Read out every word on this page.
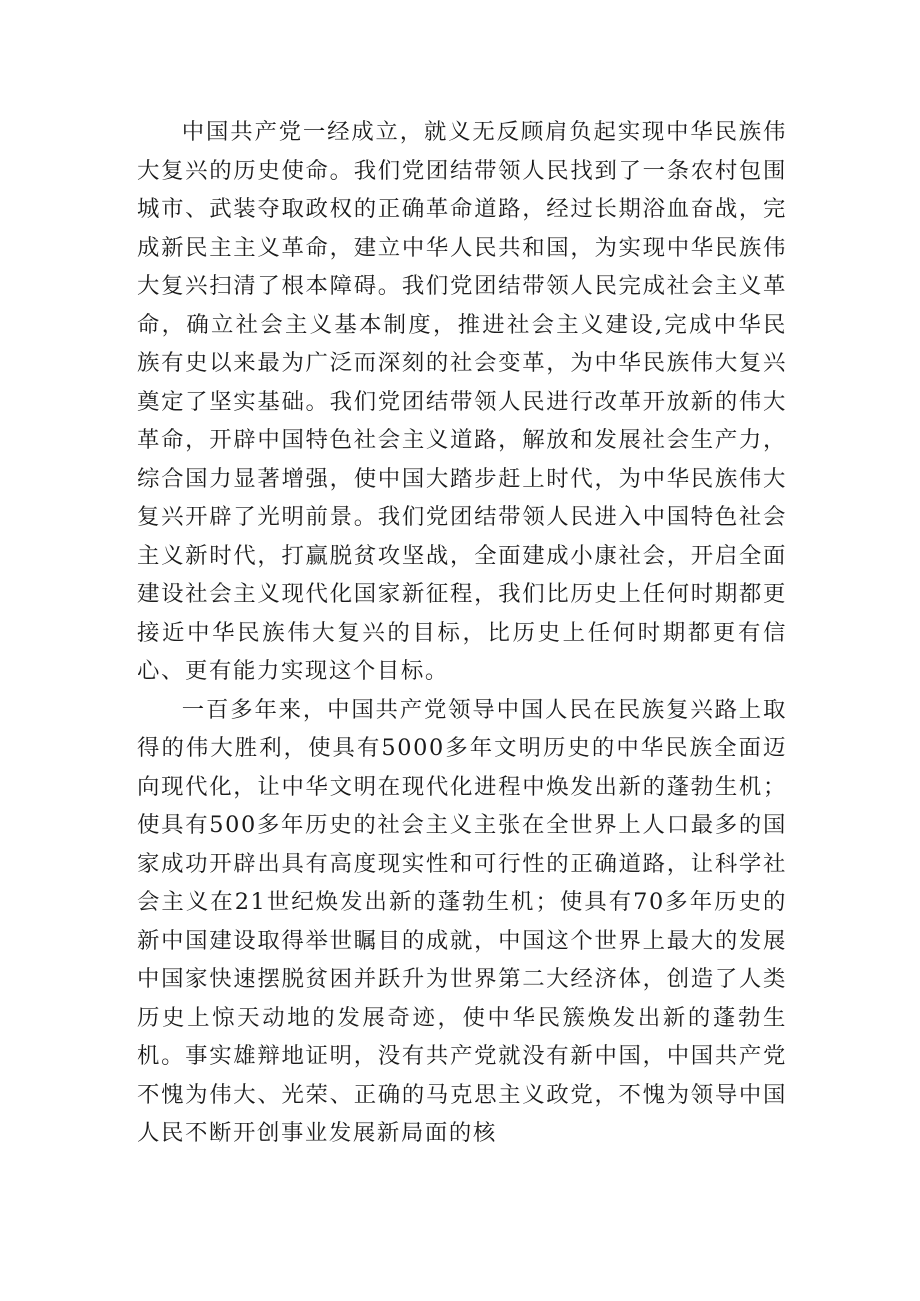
中国共产党一经成立，就义无反顾肩负起实现中华民族伟大复兴的历史使命。我们党团结带领人民找到了一条农村包围城市、武装夺取政权的正确革命道路，经过长期浴血奋战，完成新民主主义革命，建立中华人民共和国，为实现中华民族伟大复兴扫清了根本障碍。我们党团结带领人民完成社会主义革命，确立社会主义基本制度，推进社会主义建设,完成中华民族有史以来最为广泛而深刻的社会变革，为中华民族伟大复兴奠定了坚实基础。我们党团结带领人民进行改革开放新的伟大革命，开辟中国特色社会主义道路，解放和发展社会生产力，综合国力显著增强，使中国大踏步赶上时代，为中华民族伟大复兴开辟了光明前景。我们党团结带领人民进入中国特色社会主义新时代，打赢脱贫攻坚战，全面建成小康社会，开启全面建设社会主义现代化国家新征程，我们比历史上任何时期都更接近中华民族伟大复兴的目标，比历史上任何时期都更有信心、更有能力实现这个目标。

一百多年来，中国共产党领导中国人民在民族复兴路上取得的伟大胜利，使具有5000多年文明历史的中华民族全面迈向现代化，让中华文明在现代化进程中焕发出新的蓬勃生机；使具有500多年历史的社会主义主张在全世界上人口最多的国家成功开辟出具有高度现实性和可行性的正确道路，让科学社会主义在21世纪焕发出新的蓬勃生机；使具有70多年历史的新中国建设取得举世瞩目的成就，中国这个世界上最大的发展中国家快速摆脱贫困并跃升为世界第二大经济体，创造了人类历史上惊天动地的发展奇迹，使中华民簇焕发出新的蓬勃生机。事实雄辩地证明，没有共产党就没有新中国，中国共产党不愧为伟大、光荣、正确的马克思主义政党，不愧为领导中国人民不断开创事业发展新局面的核
